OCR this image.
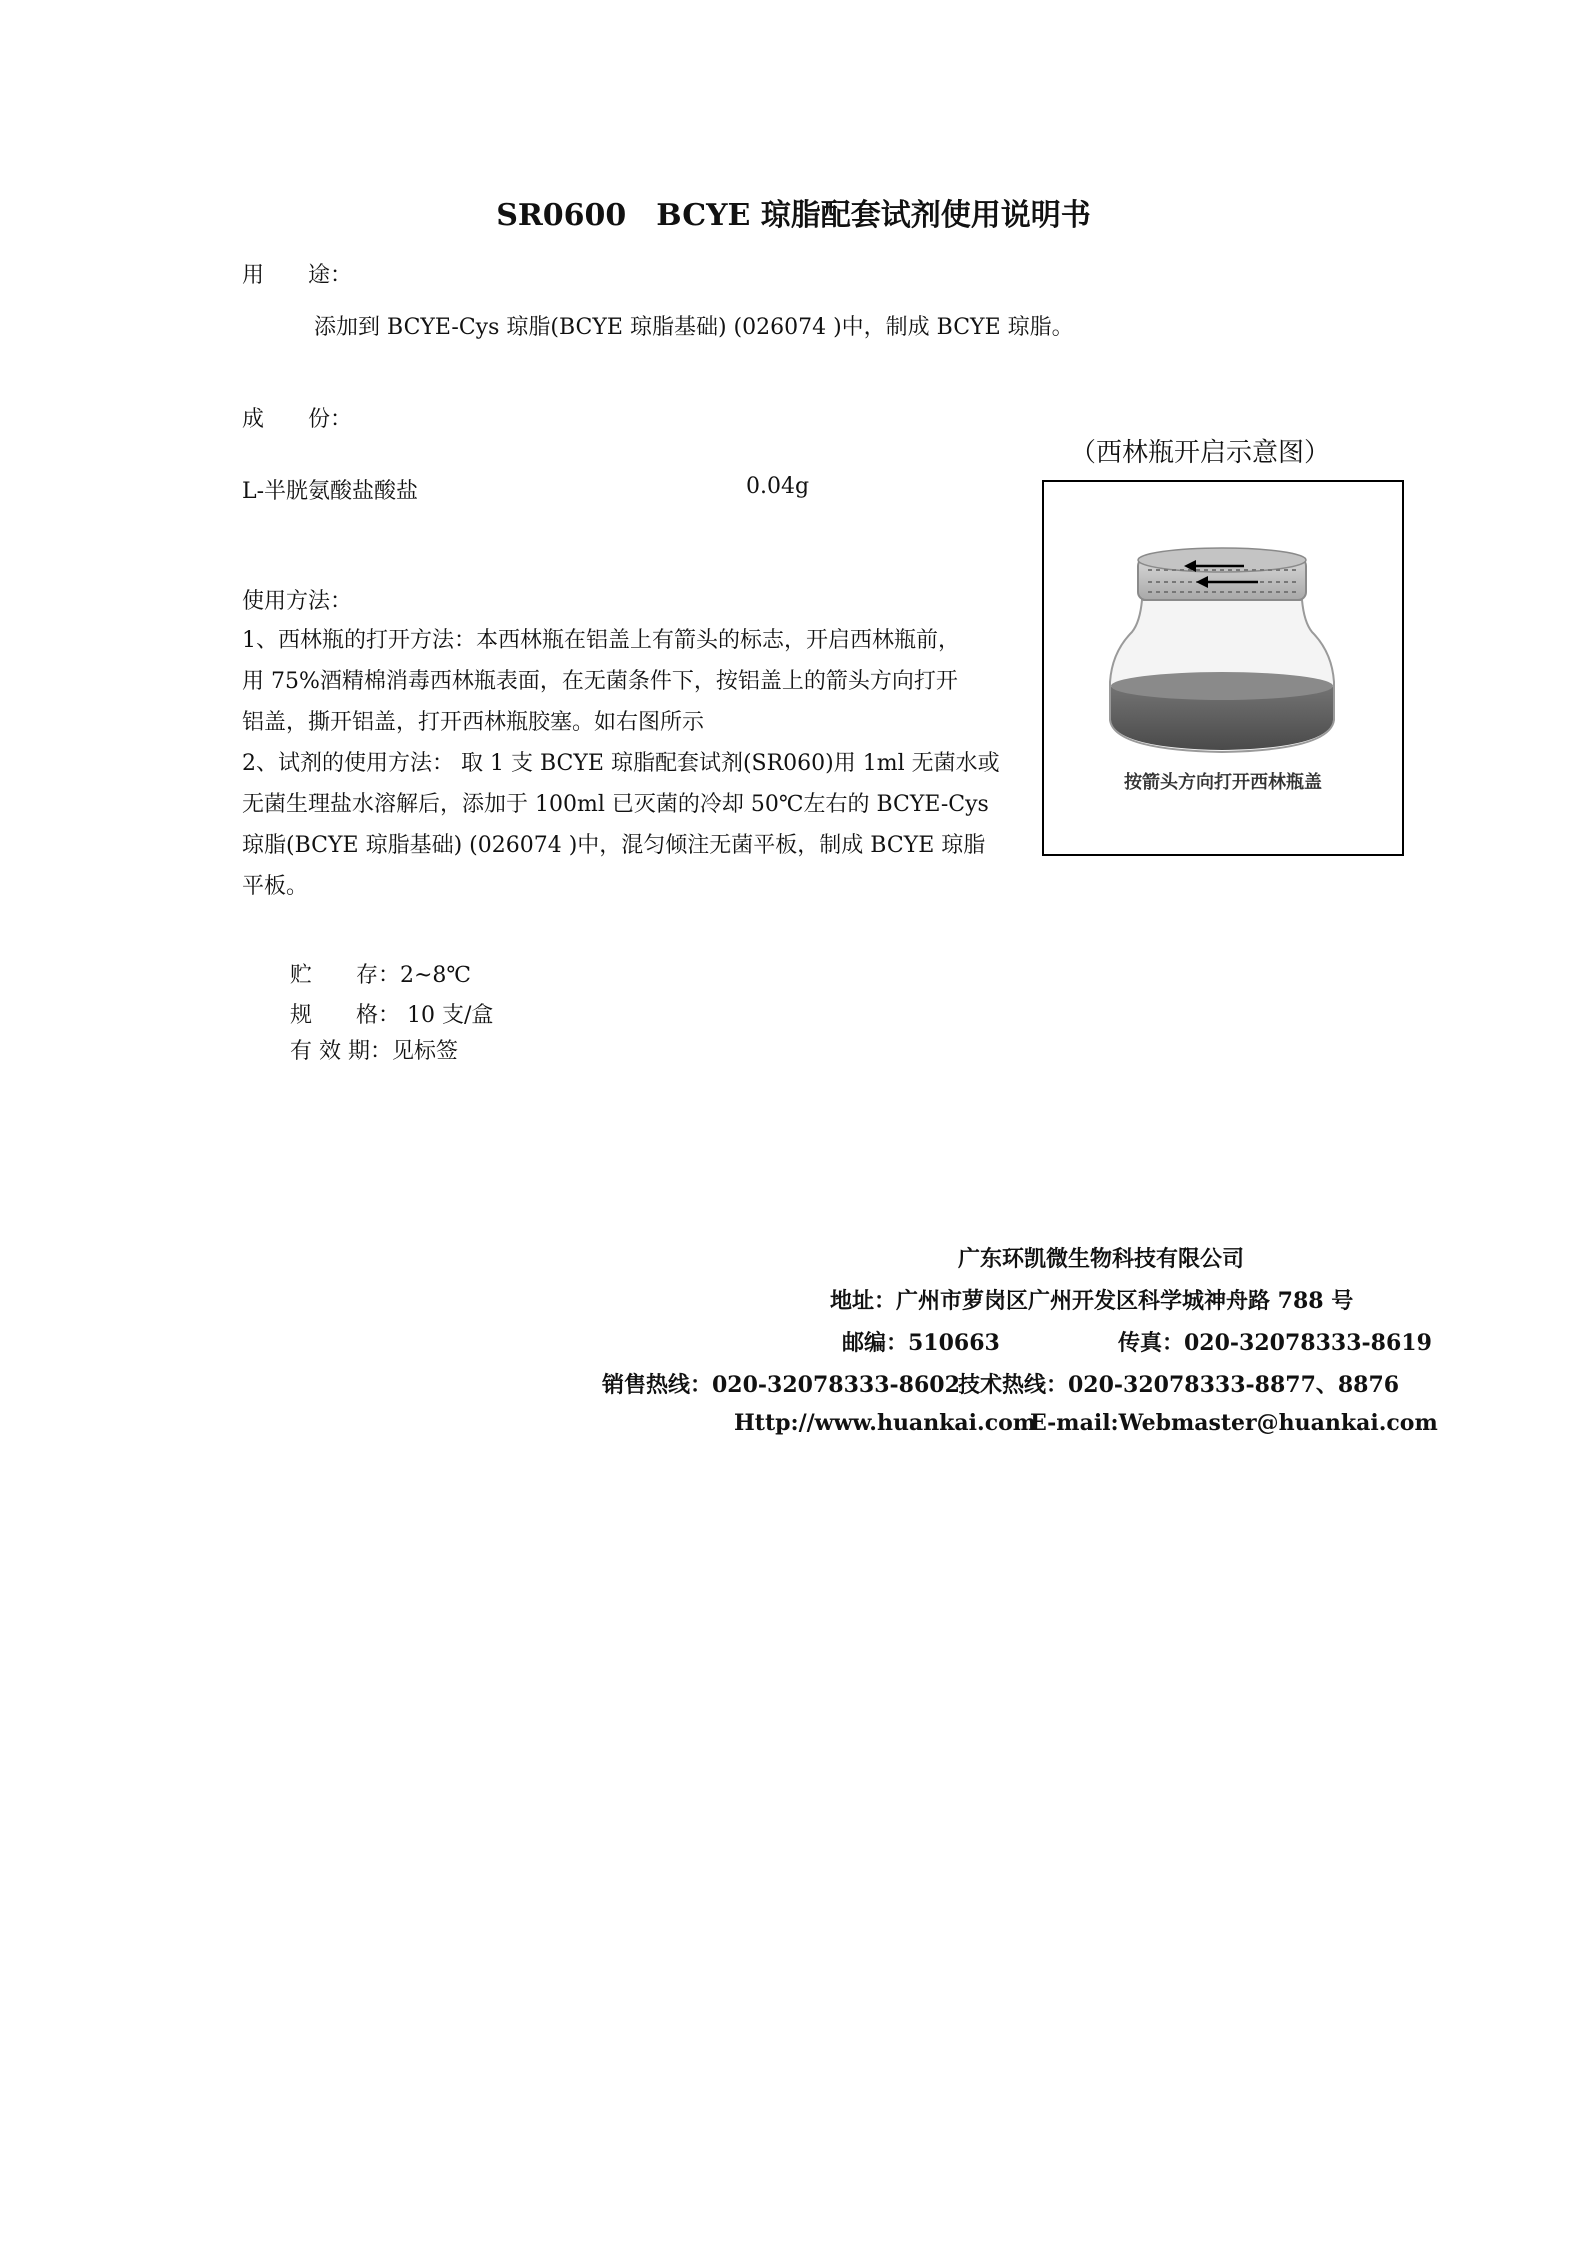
SR0600　BCYE 琼脂配套试剂使用说明书
用　　途：
添加到 BCYE-Cys 琼脂(BCYE 琼脂基础) (026074 )中，制成 BCYE 琼脂。
成　　份：
L-半胱氨酸盐酸盐	0.04g
使用方法：
1、西林瓶的打开方法：本西林瓶在铝盖上有箭头的标志，开启西林瓶前，
用 75%酒精棉消毒西林瓶表面，在无菌条件下，按铝盖上的箭头方向打开
铝盖，撕开铝盖，打开西林瓶胶塞。如右图所示
2、试剂的使用方法： 取 1 支 BCYE 琼脂配套试剂(SR060)用 1ml 无菌水或
无菌生理盐水溶解后，添加于 100ml 已灭菌的冷却 50℃左右的 BCYE-Cys
琼脂(BCYE 琼脂基础) (026074 )中，混匀倾注无菌平板，制成 BCYE 琼脂
平板。
（西林瓶开启示意图）
按箭头方向打开西林瓶盖
贮　　存：2~8℃
规　　格： 10 支/盒
有 效 期：见标签
广东环凯微生物科技有限公司
地址：广州市萝岗区广州开发区科学城神舟路 788 号
邮编：510663	传真：020-32078333-8619
销售热线：020-32078333-8602
技术热线：020-32078333-8877、8876
Http://www.huankai.com
E-mail:Webmaster@huankai.com
